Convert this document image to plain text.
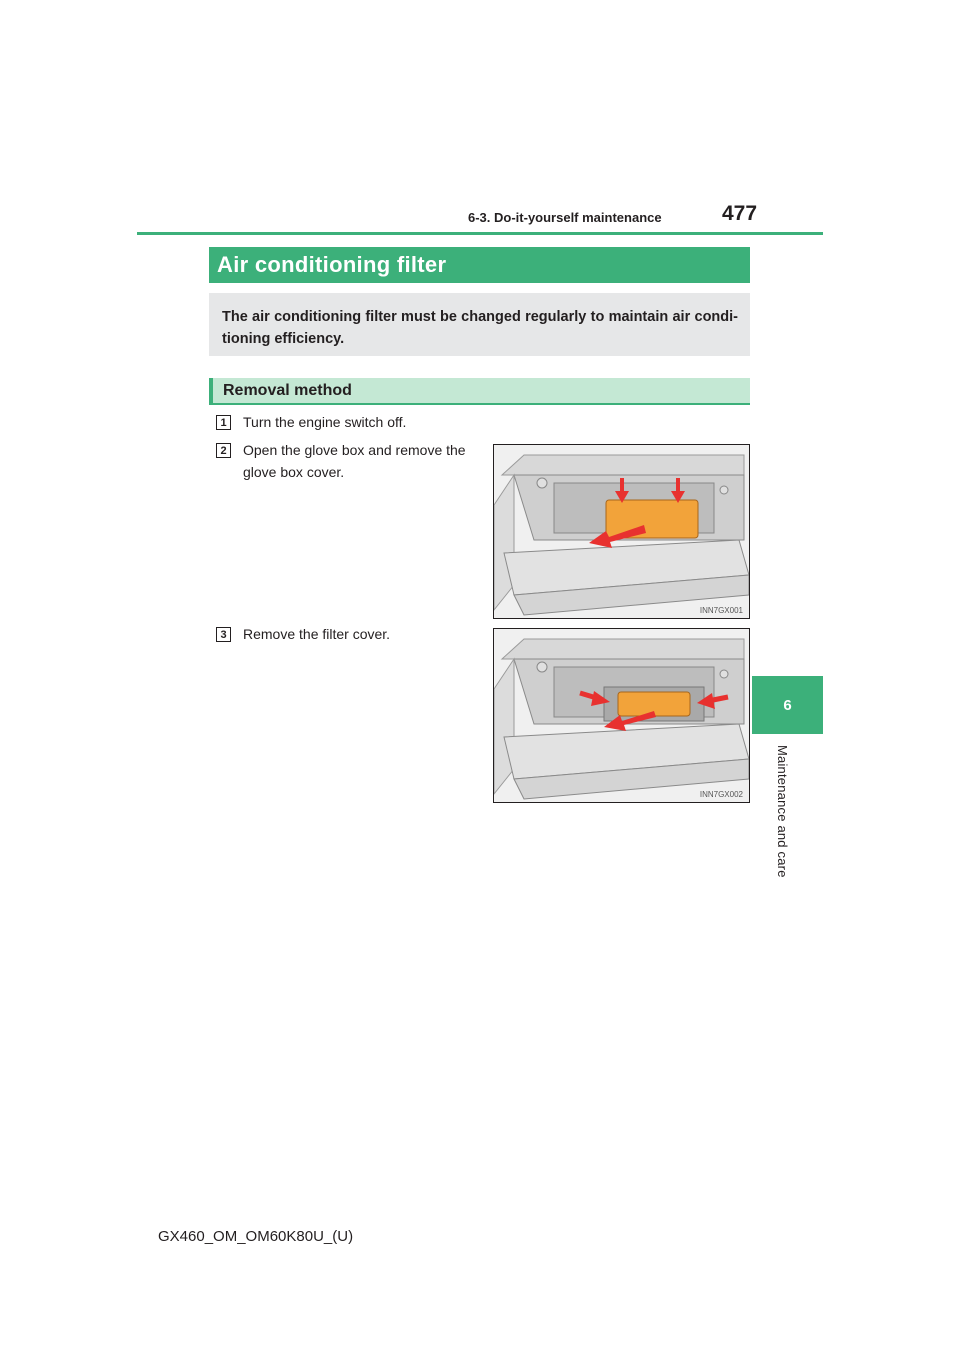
6-3. Do-it-yourself maintenance	477
6
Maintenance and care
Air conditioning filter
The air conditioning filter must be changed regularly to maintain air condi-tioning efficiency.
Removal method
1	Turn the engine switch off.
2	Open the glove box and remove the glove box cover.
3	Remove the filter cover.
INN7GX001
INN7GX002
GX460_OM_OM60K80U_(U)
